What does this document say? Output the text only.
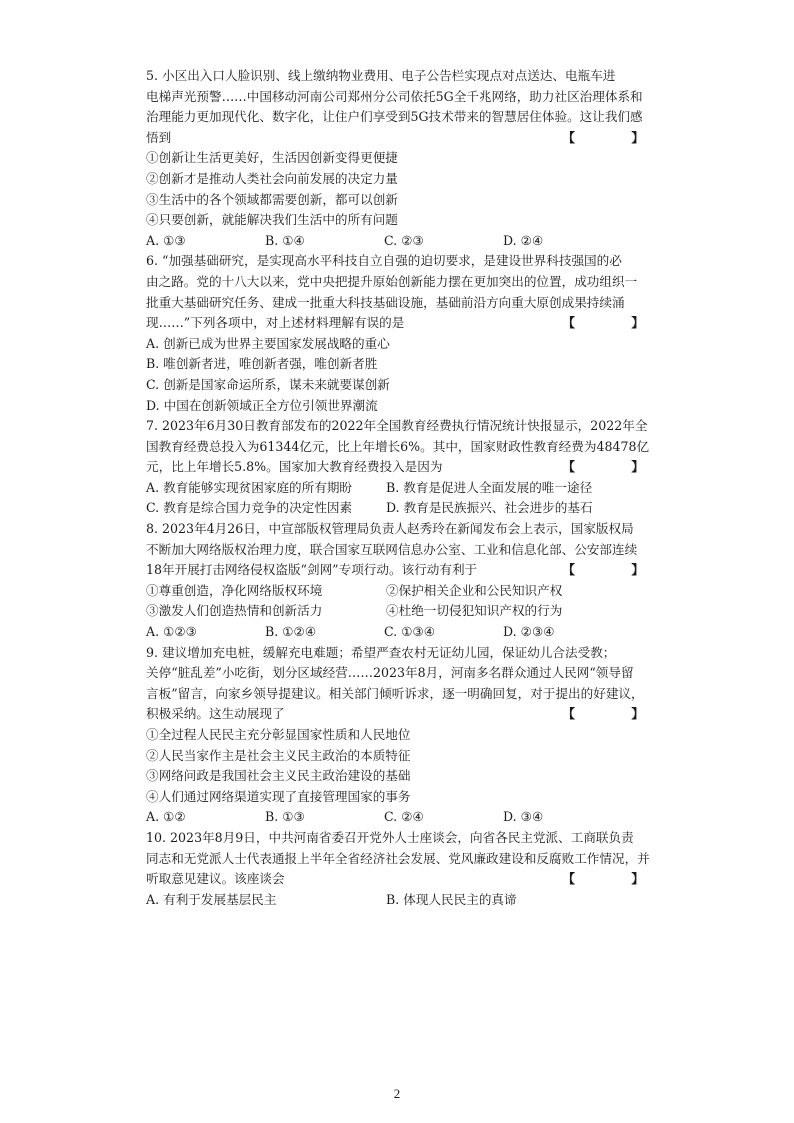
5. 小区出入口人脸识别、线上缴纳物业费用、电子公告栏实现点对点送达、电瓶车进
电梯声光预警……中国移动河南公司郑州分公司依托5G全千兆网络，助力社区治理体系和
治理能力更加现代化、数字化，让住户们享受到5G技术带来的智慧居住体验。这让我们感
悟到	【 】
①创新让生活更美好，生活因创新变得更便捷
②创新才是推动人类社会向前发展的决定力量
③生活中的各个领域都需要创新，都可以创新
④只要创新，就能解决我们生活中的所有问题
A. ①③	B. ①④	C. ②③	D. ②④
6. “加强基础研究，是实现高水平科技自立自强的迫切要求，是建设世界科技强国的必
由之路。党的十八大以来，党中央把提升原始创新能力摆在更加突出的位置，成功组织一
批重大基础研究任务、建成一批重大科技基础设施，基础前沿方向重大原创成果持续涌
现……”下列各项中，对上述材料理解有误的是	【 】
A. 创新已成为世界主要国家发展战略的重心
B. 唯创新者进，唯创新者强，唯创新者胜
C. 创新是国家命运所系，谋未来就要谋创新
D. 中国在创新领域正全方位引领世界潮流
7. 2023年6月30日教育部发布的2022年全国教育经费执行情况统计快报显示，2022年全
国教育经费总投入为61344亿元，比上年增长6%。其中，国家财政性教育经费为48478亿
元，比上年增长5.8%。国家加大教育经费投入是因为	【 】
A. 教育能够实现贫困家庭的所有期盼	B. 教育是促进人全面发展的唯一途径
C. 教育是综合国力竞争的决定性因素	D. 教育是民族振兴、社会进步的基石
8. 2023年4月26日，中宣部版权管理局负责人赵秀玲在新闻发布会上表示，国家版权局
不断加大网络版权治理力度，联合国家互联网信息办公室、工业和信息化部、公安部连续
18年开展打击网络侵权盗版“剑网”专项行动。该行动有利于	【 】
①尊重创造，净化网络版权环境	②保护相关企业和公民知识产权
③激发人们创造热情和创新活力	④杜绝一切侵犯知识产权的行为
A. ①②③	B. ①②④	C. ①③④	D. ②③④
9. 建议增加充电桩，缓解充电难题；希望严查农村无证幼儿园，保证幼儿合法受教；
关停“脏乱差”小吃街，划分区域经营……2023年8月，河南多名群众通过人民网“领导留
言板”留言，向家乡领导提建议。相关部门倾听诉求，逐一明确回复，对于提出的好建议，
积极采纳。这生动展现了	【 】
①全过程人民民主充分彰显国家性质和人民地位
②人民当家作主是社会主义民主政治的本质特征
③网络问政是我国社会主义民主政治建设的基础
④人们通过网络渠道实现了直接管理国家的事务
A. ①②	B. ①③	C. ②④	D. ③④
10. 2023年8月9日，中共河南省委召开党外人士座谈会，向省各民主党派、工商联负责
同志和无党派人士代表通报上半年全省经济社会发展、党风廉政建设和反腐败工作情况，并
听取意见建议。该座谈会	【 】
A. 有利于发展基层民主	B. 体现人民民主的真谛
2
